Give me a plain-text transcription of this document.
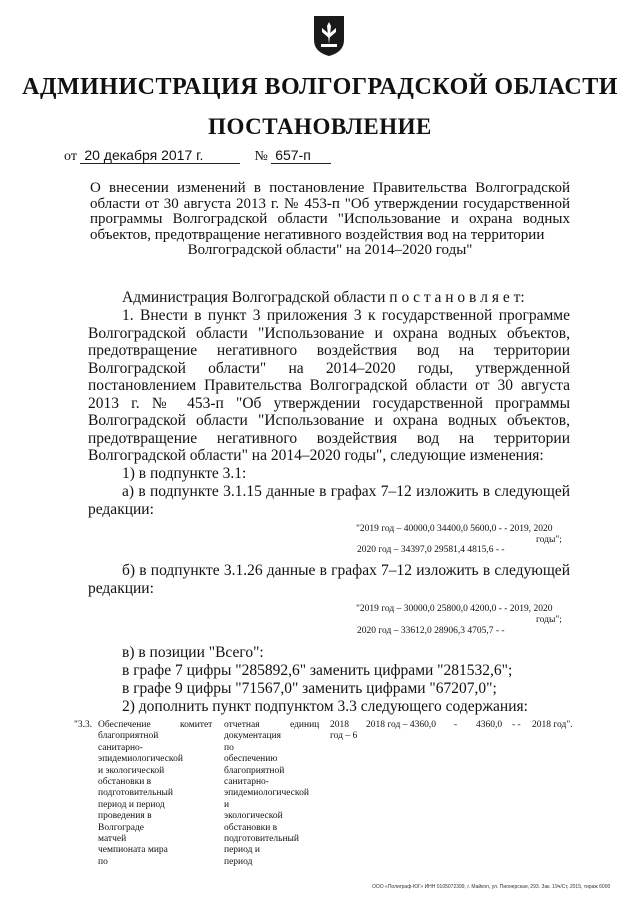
АДМИНИСТРАЦИЯ ВОЛГОГРАДСКОЙ ОБЛАСТИ
ПОСТАНОВЛЕНИЕ
от 20 декабря 2017 г.	№ 657-п
О внесении изменений в постановление Правительства Волгоградской области от 30 августа 2013 г. № 453-п "Об утверждении государственной программы Волгоградской области "Использование и охрана водных объектов, предотвращение негативного воздействия вод на территории
Волгоградской области" на 2014–2020 годы"
Администрация Волгоградской области п о с т а н о в л я е т:
1. Внести в пункт 3 приложения 3 к государственной программе Волгоградской области "Использование и охрана водных объектов, предотвращение негативного воздействия вод на территории Волгоградской области" на 2014–2020 годы, утвержденной постановлением Правительства Волгоградской области от 30 августа 2013 г. № 453-п "Об утверждении государственной программы Волгоградской области "Использование и охрана водных объектов, предотвращение негативного воздействия вод на территории Волгоградской области" на 2014–2020 годы", следующие изменения:
1) в подпункте 3.1:
а) в подпункте 3.1.15 данные в графах 7–12 изложить в следующей редакции:
"2019 год – 40000,0 34400,0 5600,0 - - 2019, 2020
годы";
2020 год – 34397,0 29581,4 4815,6 - -
б) в подпункте 3.1.26 данные в графах 7–12 изложить в следующей редакции:
"2019 год – 30000,0 25800,0 4200,0 - - 2019, 2020
годы";
2020 год – 33612,0 28906,3 4705,7 - -
в) в позиции "Всего":
в графе 7 цифры "285892,6" заменить цифрами "281532,6";
в графе 9 цифры "71567,0" заменить цифрами "67207,0";
2) дополнить пункт подпунктом 3.3 следующего содержания:
"3.3. Обеспечение благоприятной санитарно-эпидемиологической и экологической обстановки в подготовительный период и период проведения в Волгограде матчей чемпионата мира по
комитет отчетная документация по обеспечению благоприятной санитарно-эпидемиологической и экологической обстановки в подготовительный период и период
единиц 2018 год – 6
2018 год – 4360,0 - 4360,0 - - 2018 год".
ООО «Полиграф-ЮГ» ИНН 0105072399, г. Майкоп, ул. Пионерская, 293. Зак. 19ч/Ст, 2015, тираж 6000
